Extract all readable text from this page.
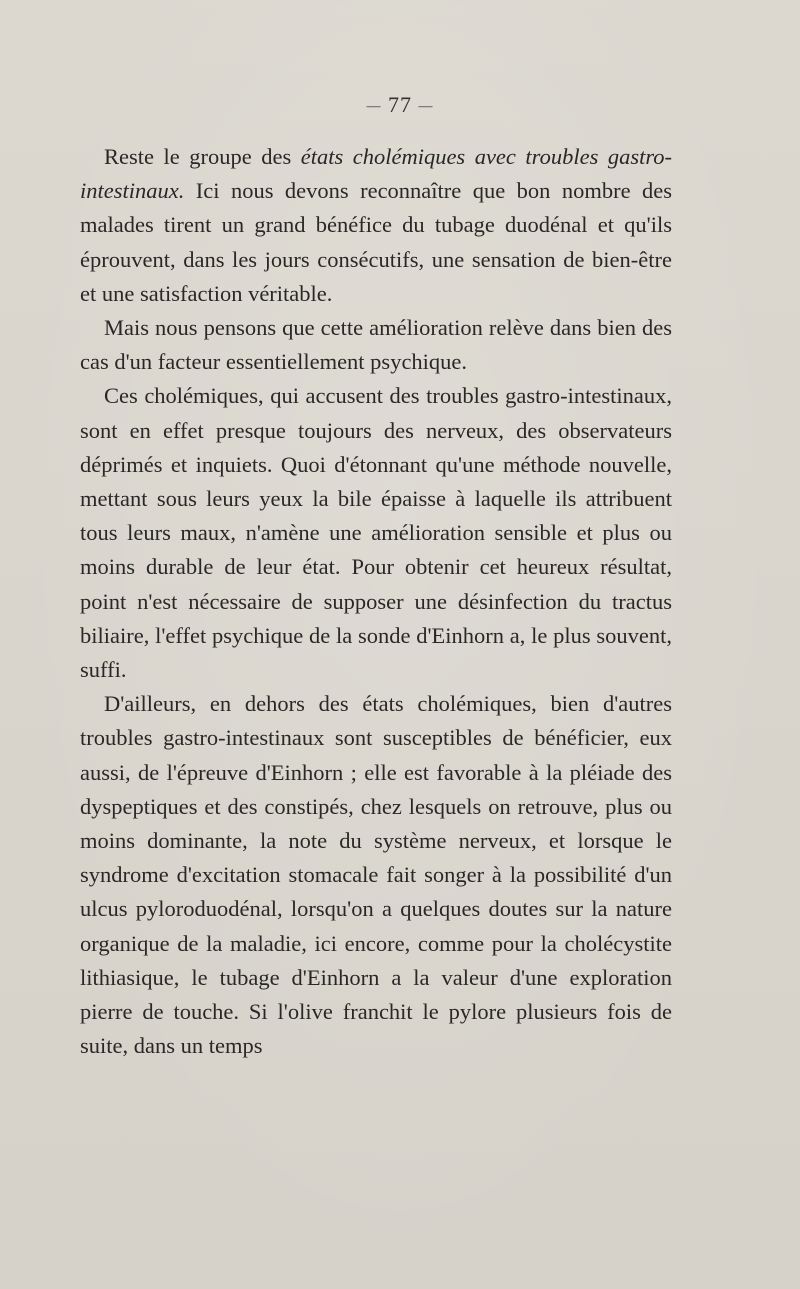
— 77 —

Reste le groupe des états cholémiques avec troubles gastro-intestinaux. Ici nous devons reconnaître que bon nombre des malades tirent un grand bénéfice du tubage duodénal et qu'ils éprouvent, dans les jours consécutifs, une sensation de bien-être et une satisfaction véritable.

Mais nous pensons que cette amélioration relève dans bien des cas d'un facteur essentiellement psychique.

Ces cholémiques, qui accusent des troubles gastro-intestinaux, sont en effet presque toujours des nerveux, des observateurs déprimés et inquiets. Quoi d'étonnant qu'une méthode nouvelle, mettant sous leurs yeux la bile épaisse à laquelle ils attribuent tous leurs maux, n'amène une amélioration sensible et plus ou moins durable de leur état. Pour obtenir cet heureux résultat, point n'est nécessaire de supposer une désinfection du tractus biliaire, l'effet psychique de la sonde d'Einhorn a, le plus souvent, suffi.

D'ailleurs, en dehors des états cholémiques, bien d'autres troubles gastro-intestinaux sont susceptibles de bénéficier, eux aussi, de l'épreuve d'Einhorn ; elle est favorable à la pléiade des dyspeptiques et des constipés, chez lesquels on retrouve, plus ou moins dominante, la note du système nerveux, et lorsque le syndrome d'excitation stomacale fait songer à la possibilité d'un ulcus pyloroduodénal, lorsqu'on a quelques doutes sur la nature organique de la maladie, ici encore, comme pour la cholécystite lithiasique, le tubage d'Einhorn a la valeur d'une exploration pierre de touche. Si l'olive franchit le pylore plusieurs fois de suite, dans un temps
